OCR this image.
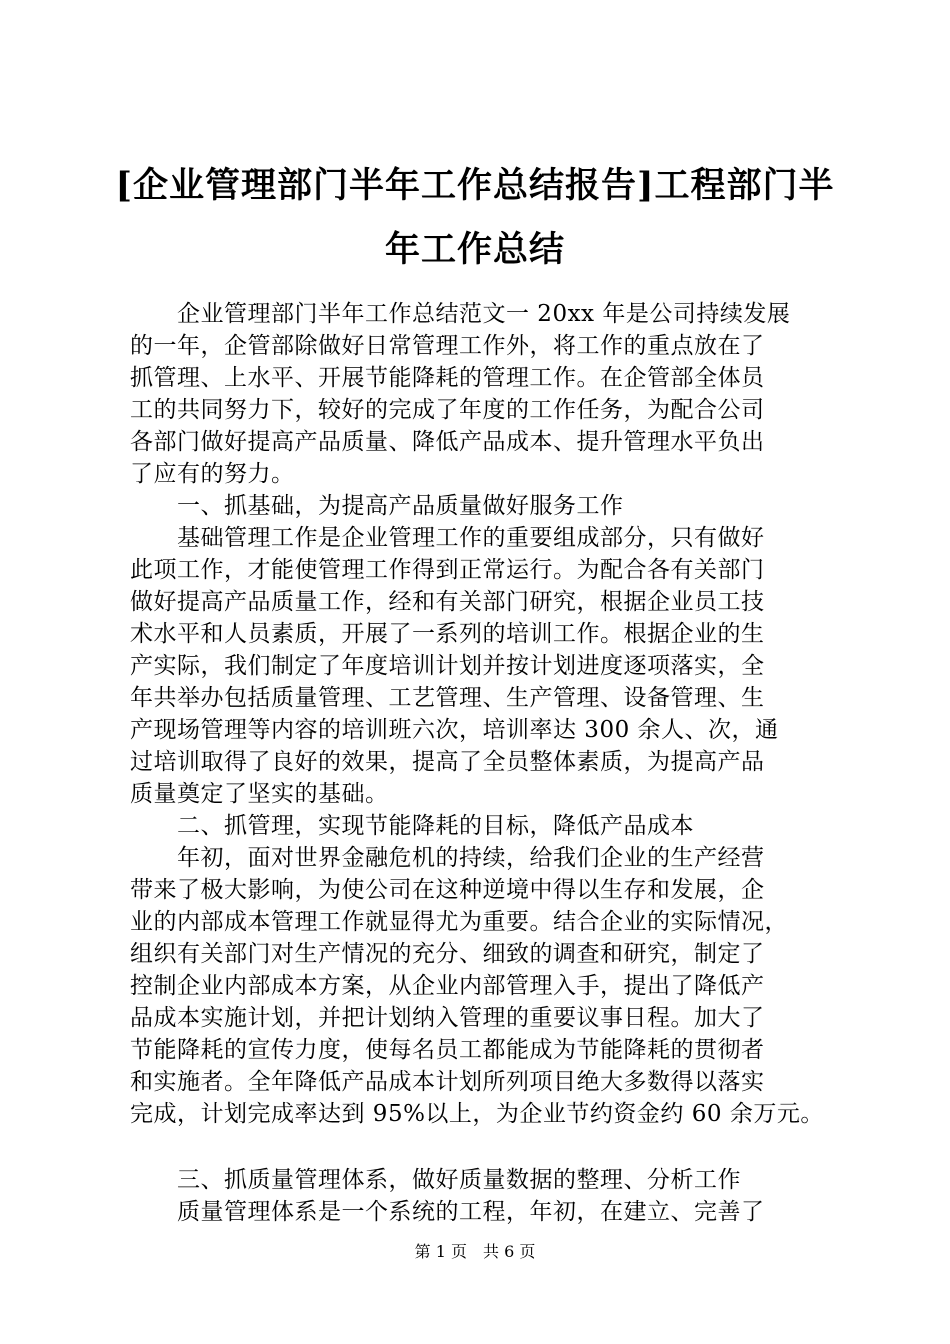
[企业管理部门半年工作总结报告]工程部门半
年工作总结
　　企业管理部门半年工作总结范文一 20xx 年是公司持续发展
的一年，企管部除做好日常管理工作外，将工作的重点放在了
抓管理、上水平、开展节能降耗的管理工作。在企管部全体员
工的共同努力下，较好的完成了年度的工作任务，为配合公司
各部门做好提高产品质量、降低产品成本、提升管理水平负出
了应有的努力。
　　一、抓基础，为提高产品质量做好服务工作
　　基础管理工作是企业管理工作的重要组成部分，只有做好
此项工作，才能使管理工作得到正常运行。为配合各有关部门
做好提高产品质量工作，经和有关部门研究，根据企业员工技
术水平和人员素质，开展了一系列的培训工作。根据企业的生
产实际，我们制定了年度培训计划并按计划进度逐项落实，全
年共举办包括质量管理、工艺管理、生产管理、设备管理、生
产现场管理等内容的培训班六次，培训率达 300 余人、次，通
过培训取得了良好的效果，提高了全员整体素质，为提高产品
质量奠定了坚实的基础。
　　二、抓管理，实现节能降耗的目标，降低产品成本
　　年初，面对世界金融危机的持续，给我们企业的生产经营
带来了极大影响，为使公司在这种逆境中得以生存和发展，企
业的内部成本管理工作就显得尤为重要。结合企业的实际情况，
组织有关部门对生产情况的充分、细致的调查和研究，制定了
控制企业内部成本方案，从企业内部管理入手，提出了降低产
品成本实施计划，并把计划纳入管理的重要议事日程。加大了
节能降耗的宣传力度，使每名员工都能成为节能降耗的贯彻者
和实施者。全年降低产品成本计划所列项目绝大多数得以落实
完成，计划完成率达到 95%以上，为企业节约资金约 60 余万元。
　　三、抓质量管理体系，做好质量数据的整理、分析工作
　　质量管理体系是一个系统的工程，年初，在建立、完善了
第 1 页　共 6 页
